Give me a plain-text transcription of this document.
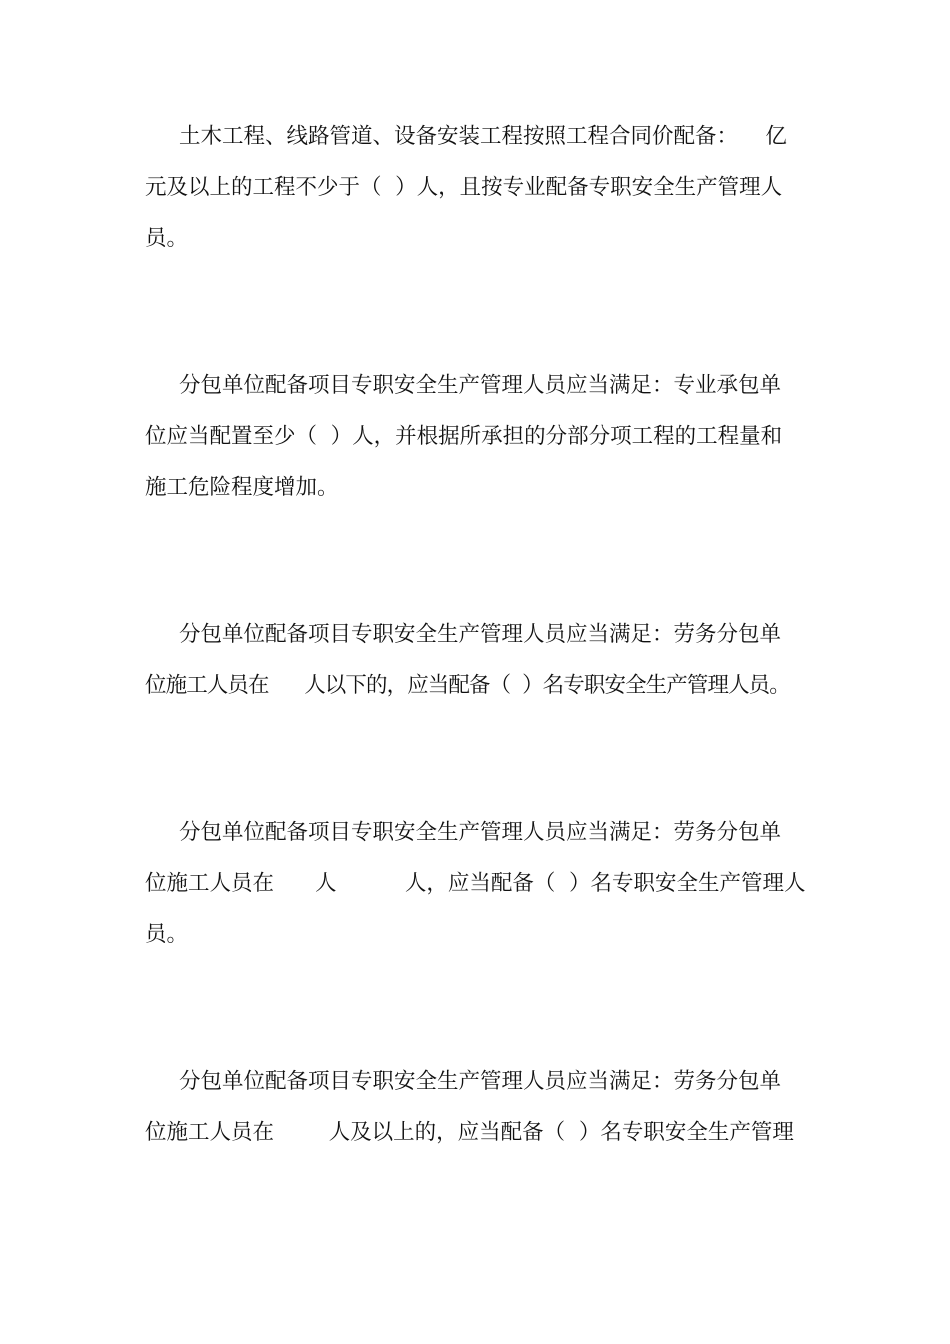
土木工程、线路管道、设备安装工程按照工程合同价配备：    亿
元及以上的工程不少于（  ）人，且按专业配备专职安全生产管理人
员。
分包单位配备项目专职安全生产管理人员应当满足：专业承包单
位应当配置至少（  ）人，并根据所承担的分部分项工程的工程量和
施工危险程度增加。
分包单位配备项目专职安全生产管理人员应当满足：劳务分包单
位施工人员在      人以下的，应当配备（  ）名专职安全生产管理人员。
分包单位配备项目专职安全生产管理人员应当满足：劳务分包单
位施工人员在      人          人，应当配备（  ）名专职安全生产管理人
员。
分包单位配备项目专职安全生产管理人员应当满足：劳务分包单
位施工人员在        人及以上的，应当配备（  ）名专职安全生产管理
